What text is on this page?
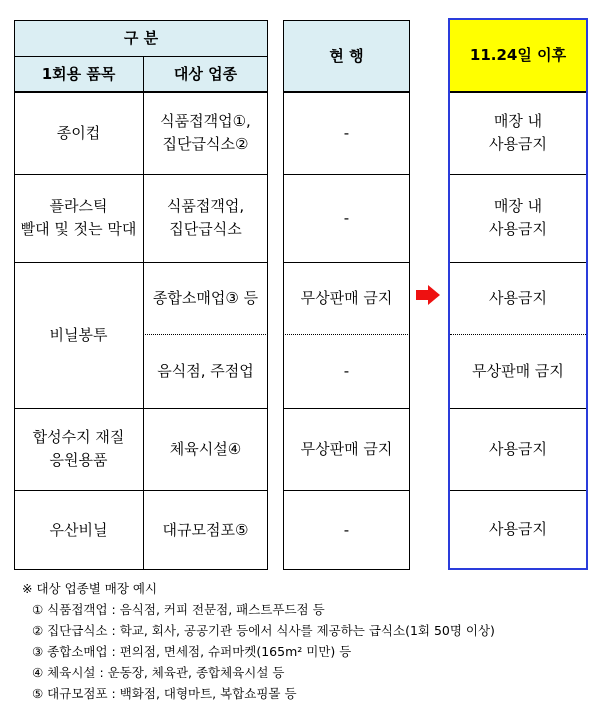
구 분
1회용 품목	대상 업종
종이컵
플라스틱
빨대 및 젓는 막대
비닐봉투
합성수지 재질
응원용품
우산비닐
식품접객업①,
집단급식소②
식품접객업,
집단급식소
종합소매업③ 등
음식점, 주점업
체육시설④
대규모점포⑤
현 행
-
-
무상판매 금지
-
무상판매 금지
-
11.24일 이후
매장 내
사용금지
매장 내
사용금지
사용금지
무상판매 금지
사용금지
사용금지
※ 대상 업종별 매장 예시
① 식품접객업 : 음식점, 커피 전문점, 패스트푸드점 등
② 집단급식소 : 학교, 회사, 공공기관 등에서 식사를 제공하는 급식소(1회 50명 이상)
③ 종합소매업 : 편의점, 면세점, 슈퍼마켓(165m² 미만) 등
④ 체육시설 : 운동장, 체육관, 종합체육시설 등
⑤ 대규모점포 : 백화점, 대형마트, 복합쇼핑몰 등
